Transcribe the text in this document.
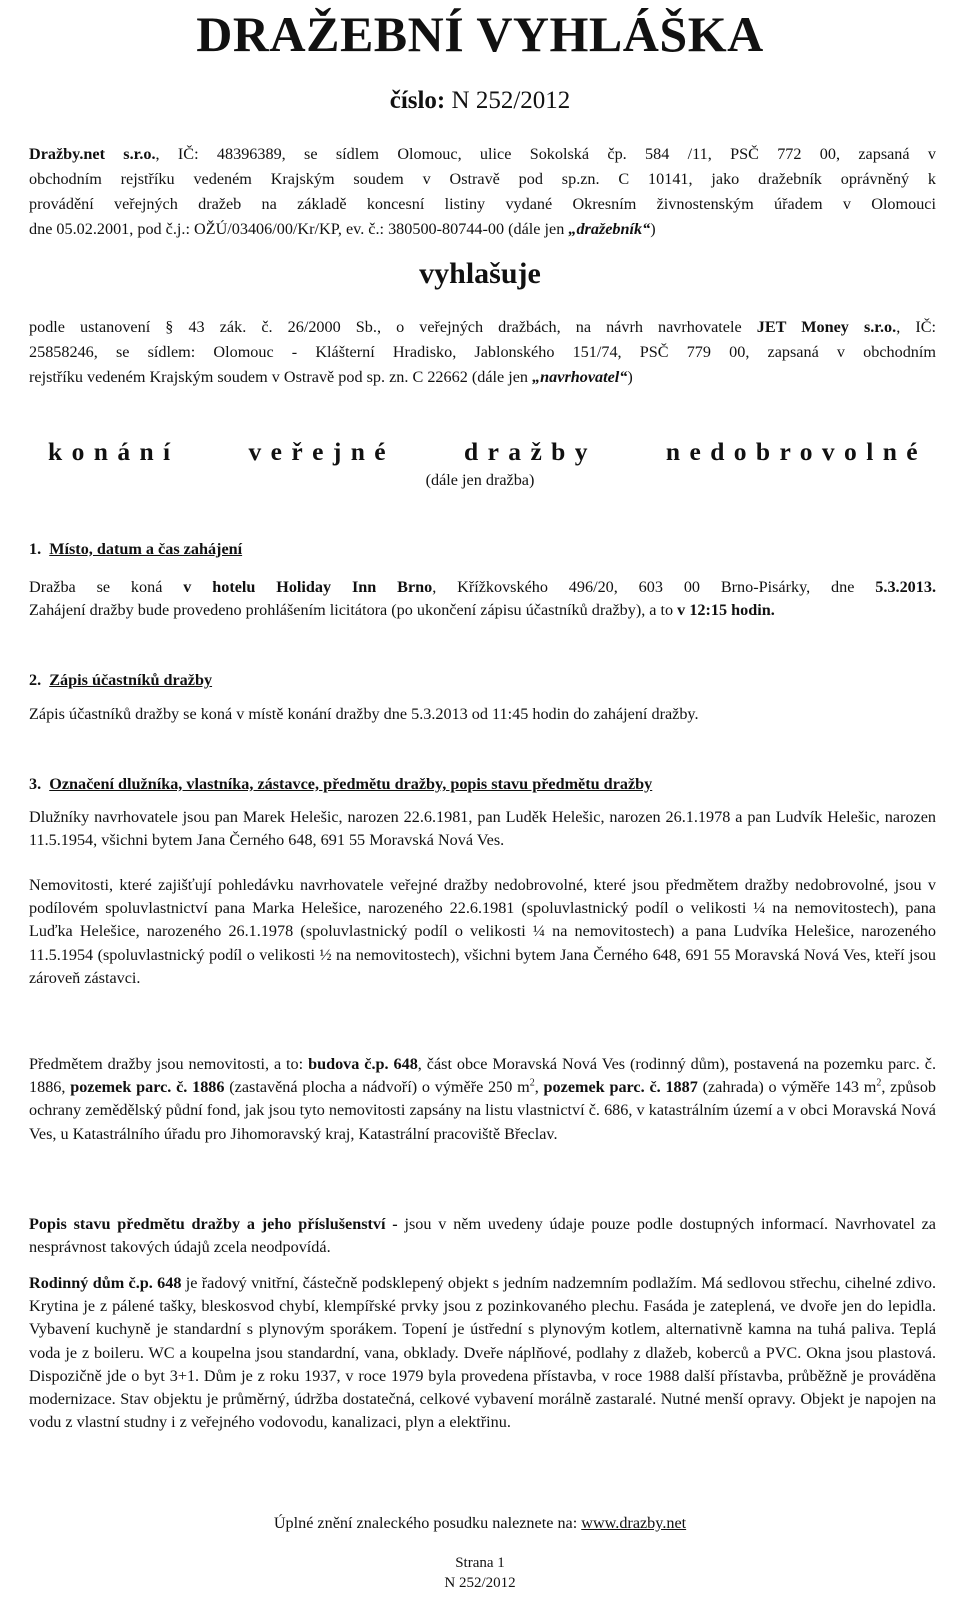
DRAŽEBNÍ VYHLÁŠKA
číslo: N 252/2012
Dražby.net s.r.o., IČ: 48396389, se sídlem Olomouc, ulice Sokolská čp. 584 /11, PSČ 772 00, zapsaná v
obchodním rejstříku vedeném Krajským soudem v Ostravě pod sp.zn. C 10141, jako dražebník oprávněný k
provádění veřejných dražeb na základě koncesní listiny vydané Okresním živnostenským úřadem v Olomouci
dne 05.02.2001, pod č.j.: OŽÚ/03406/00/Kr/KP, ev. č.: 380500-80744-00 (dále jen „dražebník“)
vyhlašuje
podle ustanovení § 43 zák. č. 26/2000 Sb., o veřejných dražbách, na návrh navrhovatele JET Money s.r.o., IČ:
25858246, se sídlem: Olomouc - Klášterní Hradisko, Jablonského 151/74, PSČ 779 00, zapsaná v obchodním
rejstříku vedeném Krajským soudem v Ostravě pod sp. zn. C 22662 (dále jen „navrhovatel“)
konání	veřejné	dražby	nedobrovolné
(dále jen dražba)
1. Místo, datum a čas zahájení
Dražba se koná v hotelu Holiday Inn Brno, Křížkovského 496/20, 603 00 Brno-Pisárky, dne 5.3.2013.
Zahájení dražby bude provedeno prohlášením licitátora (po ukončení zápisu účastníků dražby), a to v 12:15 hodin.
2. Zápis účastníků dražby
Zápis účastníků dražby se koná v místě konání dražby dne 5.3.2013 od 11:45 hodin do zahájení dražby.
3. Označení dlužníka, vlastníka, zástavce, předmětu dražby, popis stavu předmětu dražby

Dlužníky navrhovatele jsou pan Marek Helešic, narozen 22.6.1981, pan Luděk Helešic, narozen 26.1.1978 a pan Ludvík Helešic, narozen 11.5.1954, všichni bytem Jana Černého 648, 691 55 Moravská Nová Ves.

Nemovitosti, které zajišťují pohledávku navrhovatele veřejné dražby nedobrovolné, které jsou předmětem dražby nedobrovolné, jsou v podílovém spoluvlastnictví pana Marka Helešice, narozeného 22.6.1981 (spoluvlastnický podíl o velikosti ¼ na nemovitostech), pana Luďka Helešice, narozeného 26.1.1978 (spoluvlastnický podíl o velikosti ¼ na nemovitostech) a pana Ludvíka Helešice, narozeného 11.5.1954 (spoluvlastnický podíl o velikosti ½ na nemovitostech), všichni bytem Jana Černého 648, 691 55 Moravská Nová Ves, kteří jsou zároveň zástavci.

Předmětem dražby jsou nemovitosti, a to: budova č.p. 648, část obce Moravská Nová Ves (rodinný dům), postavená na pozemku parc. č. 1886, pozemek parc. č. 1886 (zastavěná plocha a nádvoří) o výměře 250 $m^2$, pozemek parc. č. 1887 (zahrada) o výměře 143 $m^2$, způsob ochrany zemědělský půdní fond, jak jsou tyto nemovitosti zapsány na listu vlastnictví č. 686, v katastrálním území a v obci Moravská Nová Ves, u Katastrálního úřadu pro Jihomoravský kraj, Katastrální pracoviště Břeclav.

Popis stavu předmětu dražby a jeho příslušenství - jsou v něm uvedeny údaje pouze podle dostupných informací. Navrhovatel za nesprávnost takových údajů zcela neodpovídá.

Rodinný dům č.p. 648 je řadový vnitřní, částečně podsklepený objekt s jedním nadzemním podlažím. Má sedlovou střechu, cihelné zdivo. Krytina je z pálené tašky, bleskosvod chybí, klempířské prvky jsou z pozinkovaného plechu. Fasáda je zateplená, ve dvoře jen do lepidla. Vybavení kuchyně je standardní s plynovým sporákem. Topení je ústřední s plynovým kotlem, alternativně kamna na tuhá paliva. Teplá voda je z boileru. WC a koupelna jsou standardní, vana, obklady. Dveře náplňové, podlahy z dlažeb, koberců a PVC. Okna jsou plastová. Dispozičně jde o byt 3+1. Dům je z roku 1937, v roce 1979 byla provedena přístavba, v roce 1988 další přístavba, průběžně je prováděna modernizace. Stav objektu je průměrný, údržba dostatečná, celkové vybavení morálně zastaralé. Nutné menší opravy. Objekt je napojen na vodu z vlastní studny i z veřejného vodovodu, kanalizaci, plyn a elektřinu.

Úplné znění znaleckého posudku naleznete na: www.drazby.net
Strana 1
N 252/2012
